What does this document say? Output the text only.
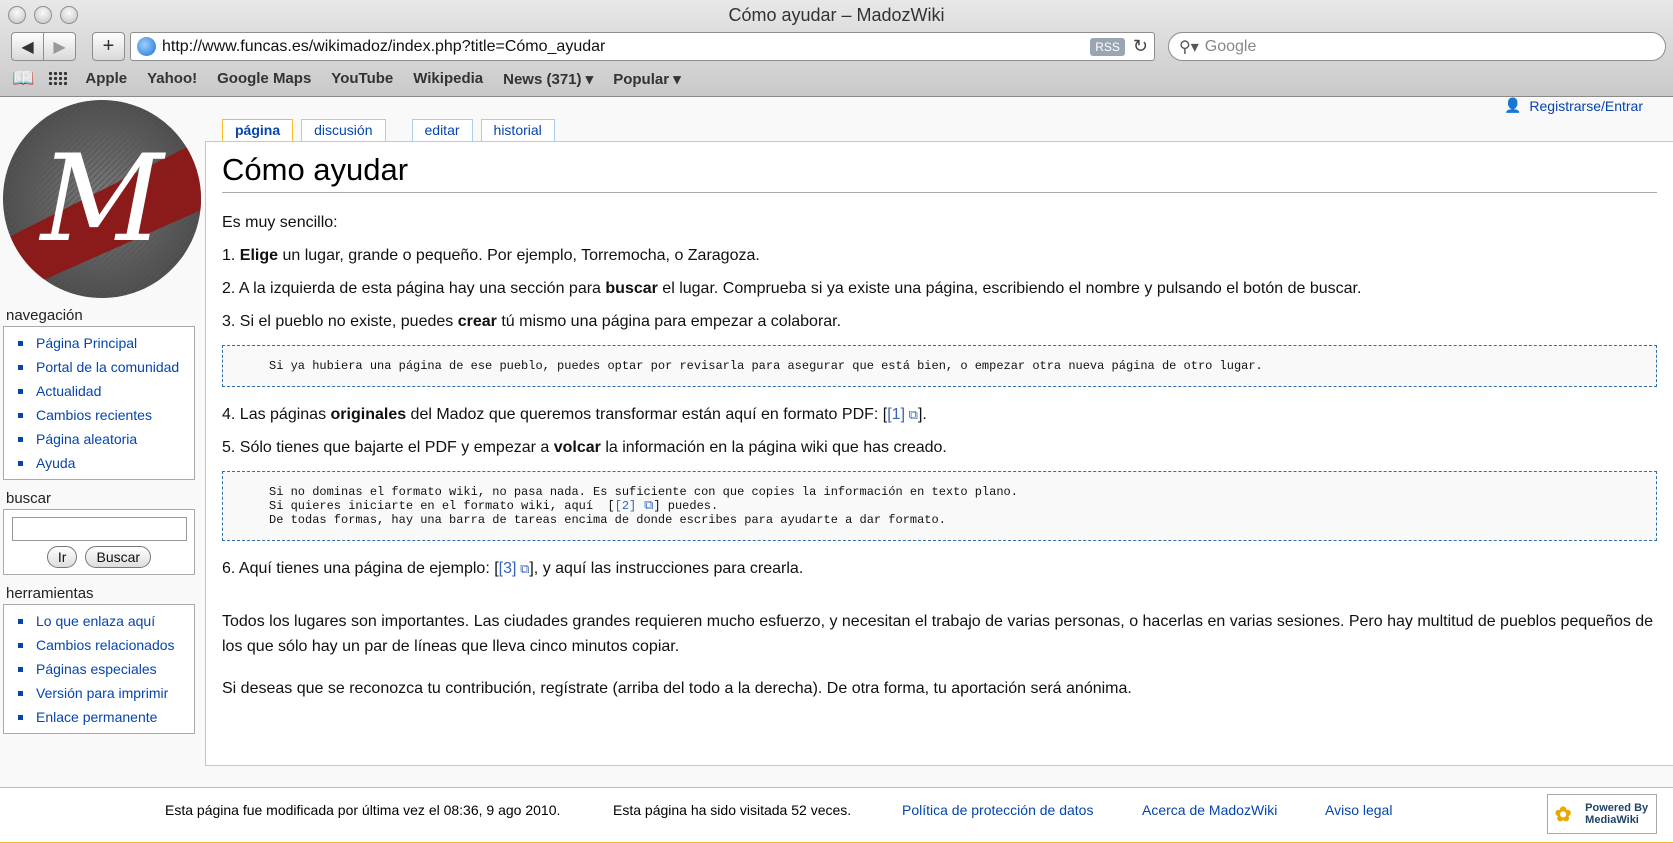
Cómo ayudar – MadozWiki
◀ ▶ +	http://www.funcas.es/wikimadoz/index.php?title=Cómo_ayudar	RSS ↻ ⚲▾ Google
📖	Apple Yahoo! Google Maps YouTube Wikipedia News (371) ▾ Popular ▾
M
👤 Registrarse/Entrar
página	discusión	editar	historial
navegación
Página Principal
Portal de la comunidad
Actualidad
Cambios recientes
Página aleatoria
Ayuda
buscar
Ir	Buscar
herramientas
Lo que enlaza aquí
Cambios relacionados
Páginas especiales
Versión para imprimir
Enlace permanente
Cómo ayudar
Es muy sencillo:
1. Elige un lugar, grande o pequeño. Por ejemplo, Torremocha, o Zaragoza.
2. A la izquierda de esta página hay una sección para buscar el lugar. Comprueba si ya existe una página, escribiendo el nombre y pulsando el botón de buscar.
3. Si el pueblo no existe, puedes crear tú mismo una página para empezar a colaborar.
Si ya hubiera una página de ese pueblo, puedes optar por revisarla para asegurar que está bien, o empezar otra nueva página de otro lugar.
4. Las páginas originales del Madoz que queremos transformar están aquí en formato PDF: [[1] ⧉ ].
5. Sólo tienes que bajarte el PDF y empezar a volcar la información en la página wiki que has creado.
Si no dominas el formato wiki, no pasa nada. Es suficiente con que copies la información en texto plano.
Si quieres iniciarte en el formato wiki, aquí  [[2] ⧉ ] puedes.
De todas formas, hay una barra de tareas encima de donde escribes para ayudarte a dar formato.
6. Aquí tienes una página de ejemplo: [[3] ⧉ ], y aquí las instrucciones para crearla.
Todos los lugares son importantes. Las ciudades grandes requieren mucho esfuerzo, y necesitan el trabajo de varias personas, o hacerlas en varias sesiones. Pero hay multitud de pueblos pequeños de los que sólo hay un par de líneas que lleva cinco minutos copiar.
Si deseas que se reconozca tu contribución, regístrate (arriba del todo a la derecha). De otra forma, tu aportación será anónima.
Esta página fue modificada por última vez el 08:36, 9 ago 2010.	Esta página ha sido visitada 52 veces.	Política de protección de datos	Acerca de MadozWiki	Aviso legal	✿ Powered By MediaWiki
